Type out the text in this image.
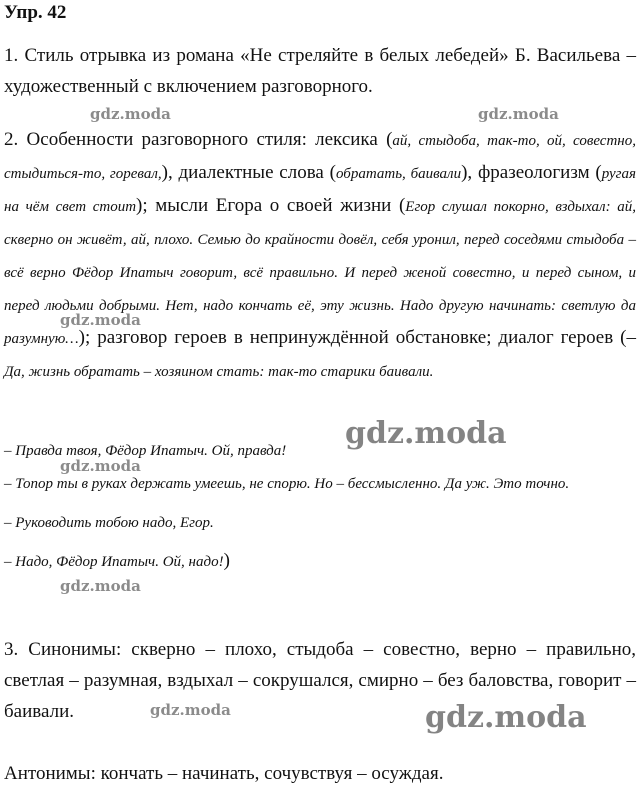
Упр. 42
1. Стиль отрывка из романа «Не стреляйте в белых лебедей» Б. Васильева – художественный с включением разговорного.
2. Особенности разговорного стиля: лексика (ай, стыдоба, так-то, ой, совестно, стыдиться-то, горевал,), диалектные слова (обратать, баивали), фразеологизм (ругая на чём свет стоит); мысли Егора о своей жизни (Егор слушал покорно, вздыхал: ай, скверно он живёт, ай, плохо. Семью до крайности довёл, себя уронил, перед соседями стыдоба – всё верно Фёдор Ипатыч говорит, всё правильно. И перед женой совестно, и перед сыном, и перед людьми добрыми. Нет, надо кончать её, эту жизнь. Надо другую начинать: светлую да разумную…); разговор героев в непринуждённой обстановке; диалог героев (– Да, жизнь обратать – хозяином стать: так-то старики баивали.
– Правда твоя, Фёдор Ипатыч. Ой, правда!
– Топор ты в руках держать умеешь, не спорю. Но – бессмысленно. Да уж. Это точно.
– Руководить тобою надо, Егор.
– Надо, Фёдор Ипатыч. Ой, надо!)
3. Синонимы: скверно – плохо, стыдоба – совестно, верно – правильно, светлая – разумная, вздыхал – сокрушался, смирно – без баловства, говорит – баивали.
Антонимы: кончать – начинать, сочувствуя – осуждая.
gdz.moda	gdz.moda
gdz.moda
gdz.moda
gdz.moda
gdz.moda
gdz.moda	gdz.moda
